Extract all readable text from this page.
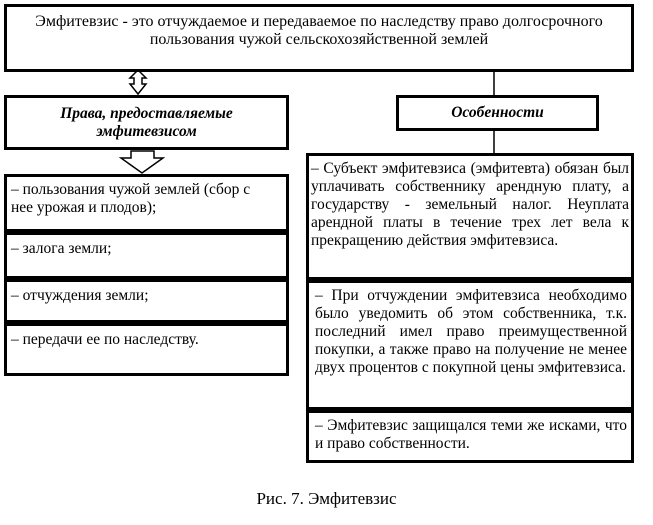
Эмфитевзис - это отчуждаемое и передаваемое по наследству право долгосрочного пользования чужой сельскохозяйственной землей
Права, предоставляемые эмфитевзисом
Особенности
– пользования чужой землей (сбор с нее урожая и плодов);
– залога земли;
– отчуждения земли;
– передачи ее по наследству.
– Субъект эмфитевзиса (эмфитевта) обязан был уплачивать собственнику арендную плату, а государству - земельный налог. Неуплата арендной платы в течение трех лет вела к прекращению действия эмфитевзиса.
– При отчуждении эмфитевзиса необходимо было уведомить об этом собственника, т.к. последний имел право преимущественной покупки, а также право на получение не менее двух процентов с покупной цены эмфитевзиса.
– Эмфитевзис защищался теми же исками, что и право собственности.
Рис. 7. Эмфитевзис
